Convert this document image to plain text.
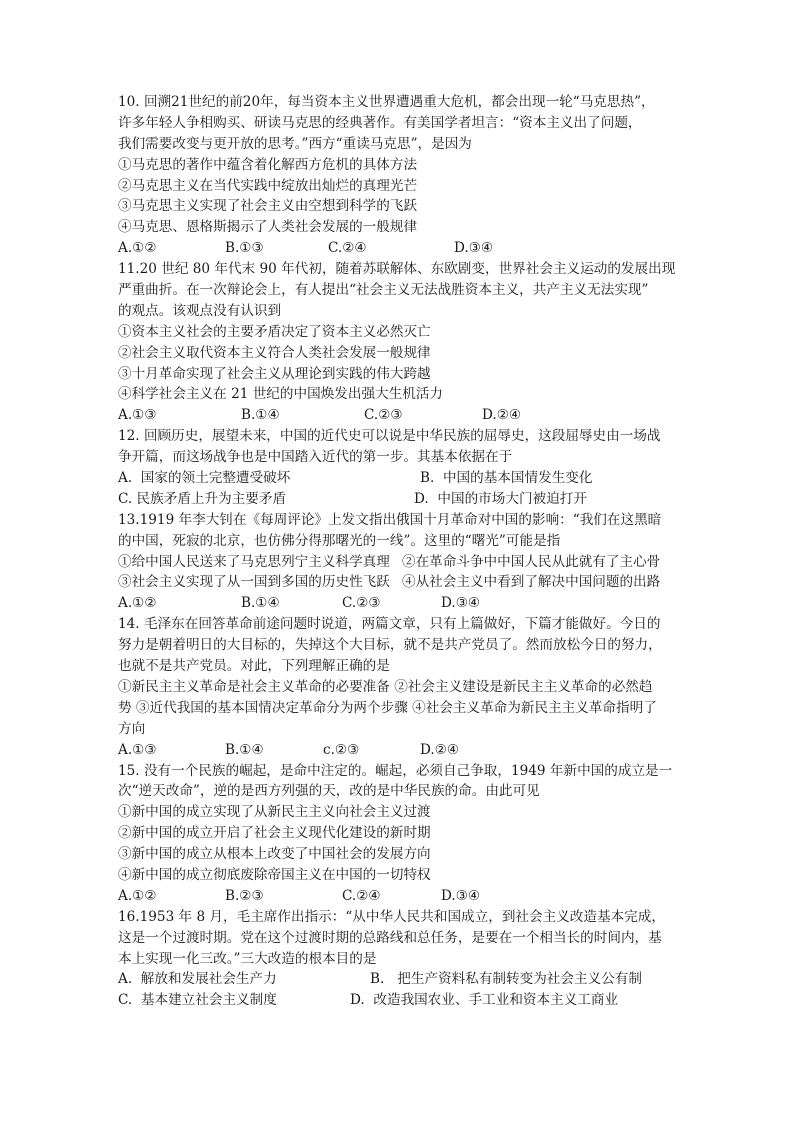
10. 回溯21世纪的前20年，每当资本主义世界遭遇重大危机，都会出现一轮“马克思热”，
许多年轻人争相购买、研读马克思的经典著作。有美国学者坦言：“资本主义出了问题，
我们需要改变与更开放的思考。”西方“重读马克思”，是因为
①马克思的著作中蕴含着化解西方危机的具体方法
②马克思主义在当代实践中绽放出灿烂的真理光芒
③马克思主义实现了社会主义由空想到科学的飞跃
④马克思、恩格斯揭示了人类社会发展的一般规律

A.①②

	B.①③

	C.②④

	D.③④

11.20 世纪 80 年代末 90 年代初，随着苏联解体、东欧剧变，世界社会主义运动的发展出现
严重曲折。在一次辩论会上，有人提出“社会主义无法战胜资本主义，共产主义无法实现”
的观点。该观点没有认识到
①资本主义社会的主要矛盾决定了资本主义必然灭亡
②社会主义取代资本主义符合人类社会发展一般规律
③十月革命实现了社会主义从理论到实践的伟大跨越
④科学社会主义在 21 世纪的中国焕发出强大生机活力

A.①③

	B.①④

	C.②③

	D.②④

12. 回顾历史，展望未来，中国的近代史可以说是中华民族的屈辱史，这段屈辱史由一场战
争开篇，而这场战争也是中国踏入近代的第一步。其基本依据在于

A.  国家的领土完整遭受破坏

	B.  中国的基本国情发生变化

C. 民族矛盾上升为主要矛盾

	D.  中国的市场大门被迫打开

13.1919 年李大钊在《每周评论》上发文指出俄国十月革命对中国的影响：“我们在这黑暗
的中国，死寂的北京，也仿佛分得那曙光的一线”。这里的“曙光”可能是指

①给中国人民送来了马克思列宁主义科学真理

②在革命斗争中中国人民从此就有了主心骨

③社会主义实现了从一国到多国的历史性飞跃

④从社会主义中看到了解决中国问题的出路

A.①②

	B.①④

	C.②③

	D.③④

14. 毛泽东在回答革命前途问题时说道，两篇文章，只有上篇做好，下篇才能做好。今日的
努力是朝着明日的大目标的，失掉这个大目标，就不是共产党员了。然而放松今日的努力，
也就不是共产党员。对此，下列理解正确的是
①新民主主义革命是社会主义革命的必要准备 ②社会主义建设是新民主主义革命的必然趋
势 ③近代我国的基本国情决定革命分为两个步骤 ④社会主义革命为新民主主义革命指明了
方向

A.①③

	B.①④

	c.②③

	D.②④

15. 没有一个民族的崛起，是命中注定的。崛起，必须自己争取，1949 年新中国的成立是一
次“逆天改命”，逆的是西方列强的天，改的是中华民族的命。由此可见
①新中国的成立实现了从新民主主义向社会主义过渡
②新中国的成立开启了社会主义现代化建设的新时期
③新中国的成立从根本上改变了中国社会的发展方向
④新中国的成立彻底废除帝国主义在中国的一切特权

A.①②

	B.②③

	C.②④

	D.③④

16.1953 年 8 月，毛主席作出指示：“从中华人民共和国成立，到社会主义改造基本完成，
这是一个过渡时期。党在这个过渡时期的总路线和总任务，是要在一个相当长的时间内，基
本上实现一化三改。”三大改造的根本目的是

A.  解放和发展社会生产力

	B.   把生产资料私有制转变为社会主义公有制

C.  基本建立社会主义制度

	D.  改造我国农业、手工业和资本主义工商业
